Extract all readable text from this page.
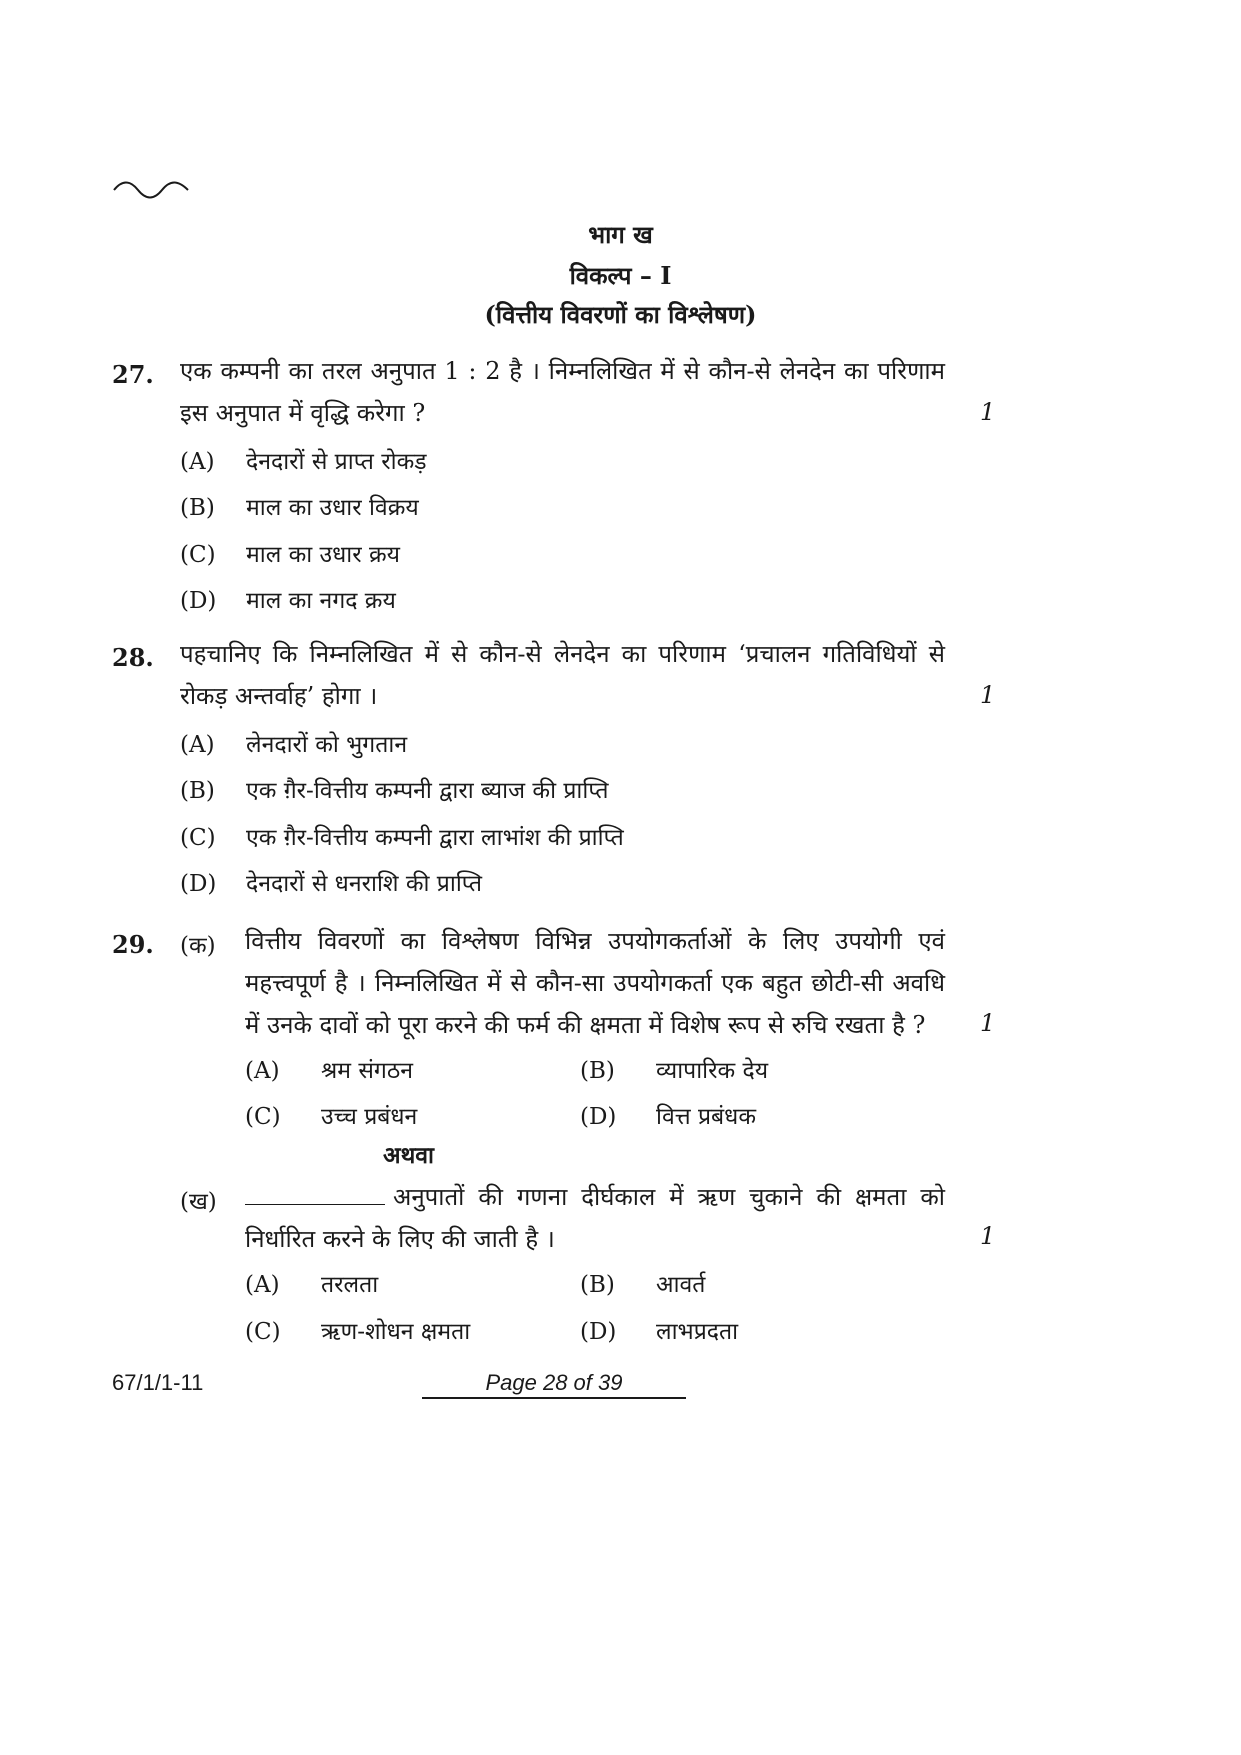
भाग ख
विकल्प – I
(वित्तीय विवरणों का विश्लेषण)
27. एक कम्पनी का तरल अनुपात 1 : 2 है । निम्नलिखित में से कौन-से लेनदेन का परिणाम इस अनुपात में वृद्धि करेगा ?	1
(A) देनदारों से प्राप्त रोकड़
(B) माल का उधार विक्रय
(C) माल का उधार क्रय
(D) माल का नगद क्रय
28. पहचानिए कि निम्नलिखित में से कौन-से लेनदेन का परिणाम ‘प्रचालन गतिविधियों से रोकड़ अन्तर्वाह’ होगा ।	1
(A) लेनदारों को भुगतान
(B) एक ग़ैर-वित्तीय कम्पनी द्वारा ब्याज की प्राप्ति
(C) एक ग़ैर-वित्तीय कम्पनी द्वारा लाभांश की प्राप्ति
(D) देनदारों से धनराशि की प्राप्ति
29. (क) वित्तीय विवरणों का विश्लेषण विभिन्न उपयोगकर्ताओं के लिए उपयोगी एवं महत्त्वपूर्ण है । निम्नलिखित में से कौन-सा उपयोगकर्ता एक बहुत छोटी-सी अवधि में उनके दावों को पूरा करने की फर्म की क्षमता में विशेष रूप से रुचि रखता है ?	1
(A) श्रम संगठन	(B) व्यापारिक देय
(C) उच्च प्रबंधन	(D) वित्त प्रबंधक
अथवा
(ख)	अनुपातों की गणना दीर्घकाल में ऋण चुकाने की क्षमता को निर्धारित करने के लिए की जाती है ।	1
(A) तरलता	(B) आवर्त
(C) ऋण-शोधन क्षमता	(D) लाभप्रदता
67/1/1-11	Page 28 of 39
